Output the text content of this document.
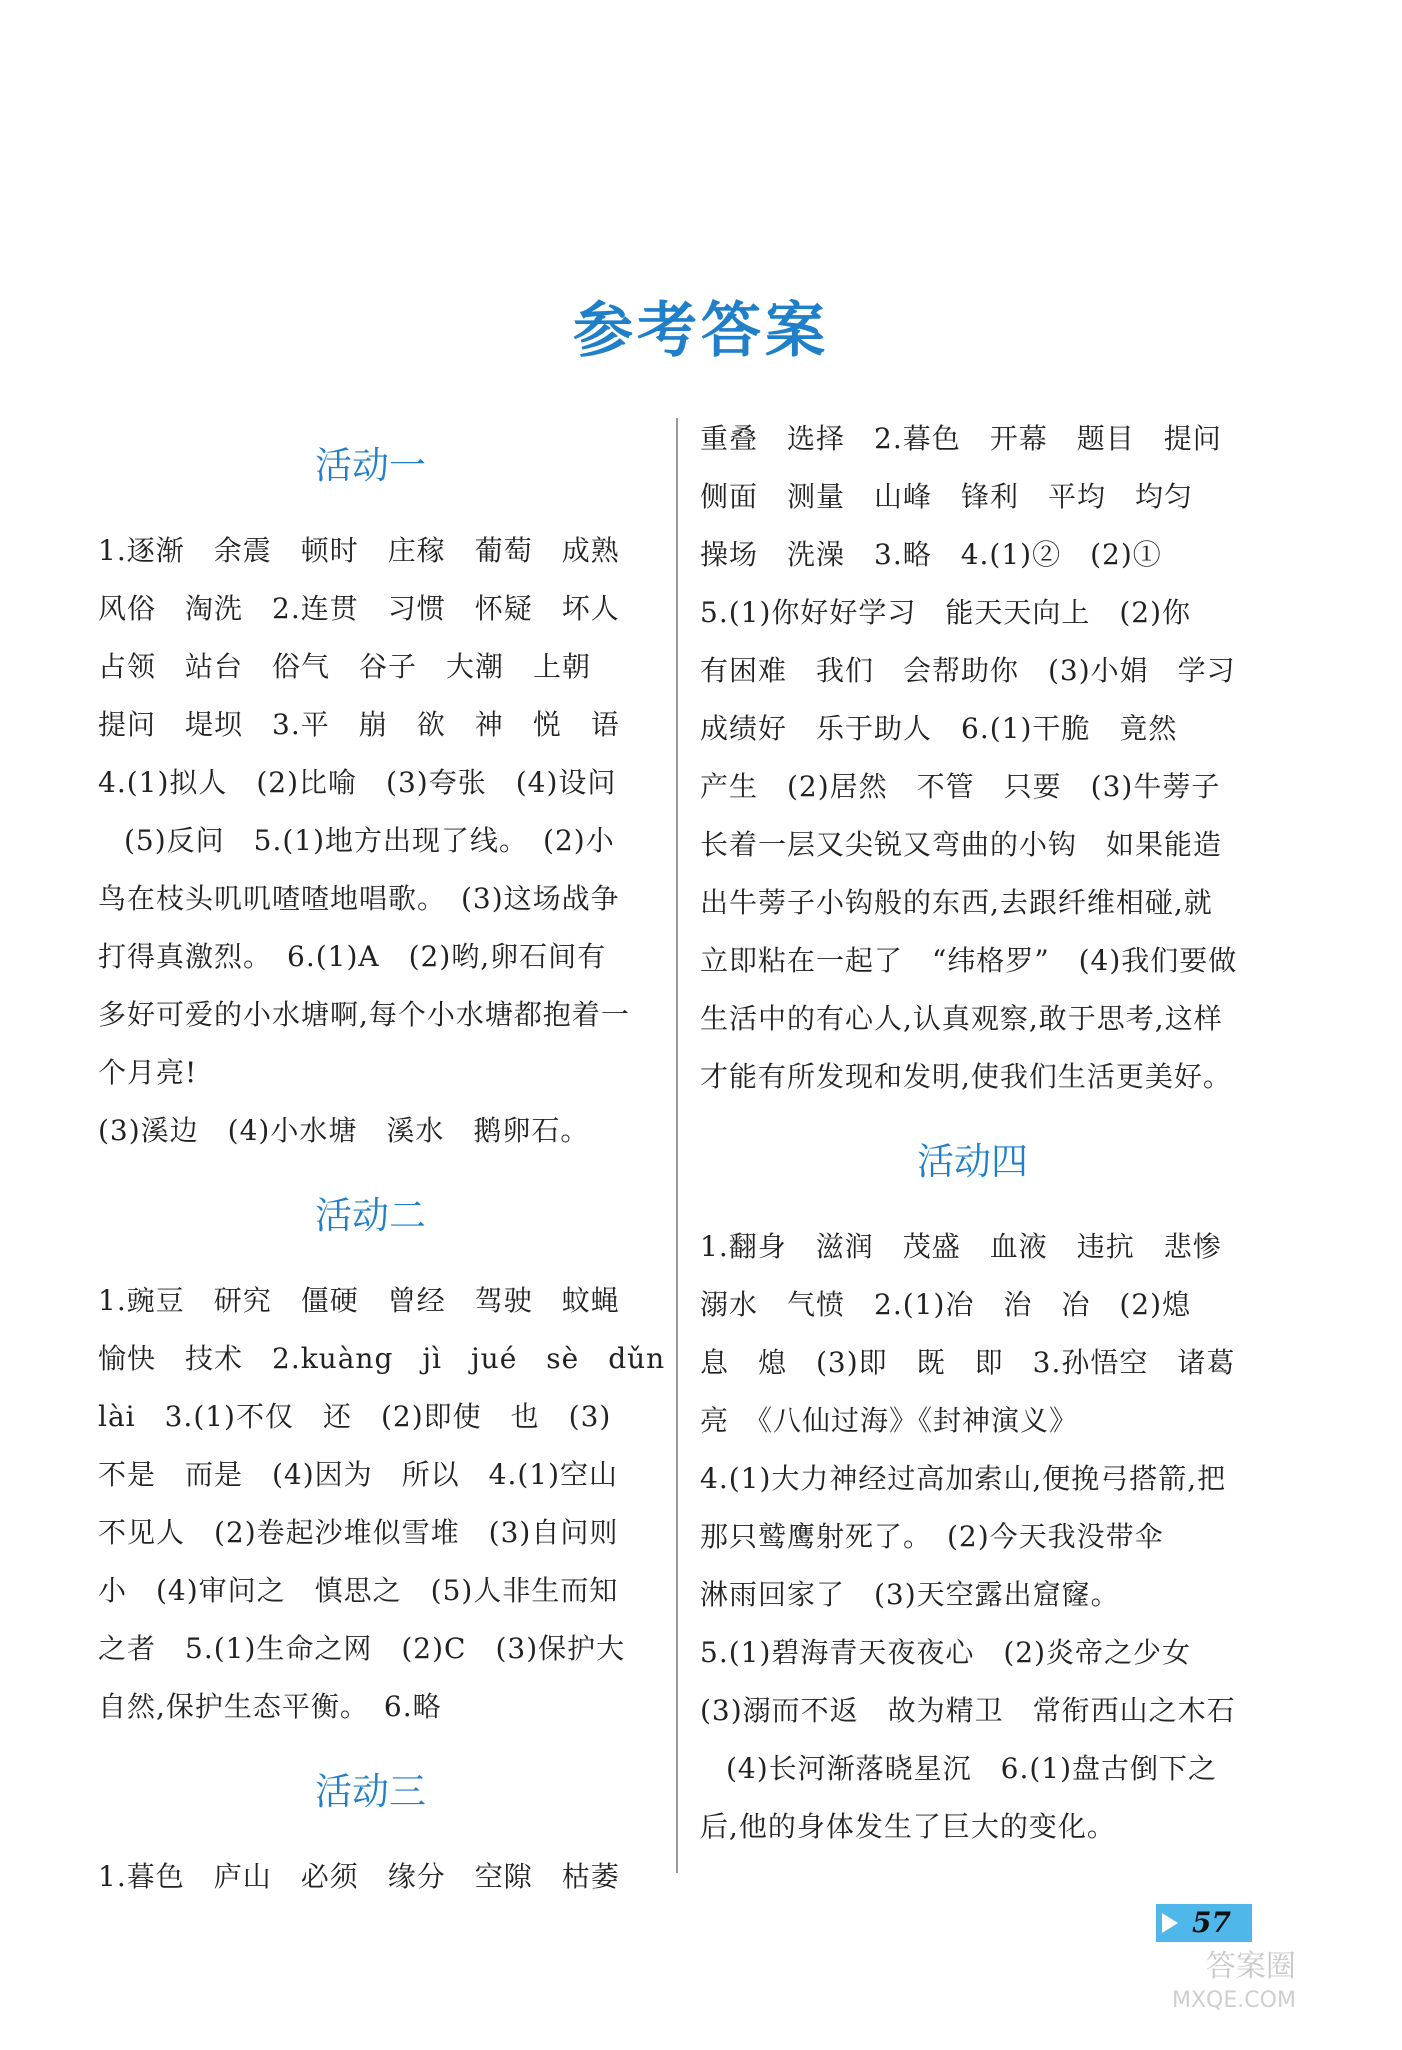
参考答案
活动一
1.逐渐　余震　顿时　庄稼　葡萄　成熟
风俗　淘洗　2.连贯　习惯　怀疑　坏人
占领　站台　俗气　谷子　大潮　上朝
提问　堤坝　3.平　崩　欲　神　悦　语
4.(1)拟人　(2)比喻　(3)夸张　(4)设问
(5)反问　5.(1)地方出现了线。　(2)小
鸟在枝头叽叽喳喳地唱歌。　(3)这场战争
打得真激烈。　6.(1)A　(2)哟,卵石间有
多好可爱的小水塘啊,每个小水塘都抱着一
个月亮!
(3)溪边　(4)小水塘　溪水　鹅卵石。
活动二
1.豌豆　研究　僵硬　曾经　驾驶　蚊蝇
愉快　技术　2.kuàng　jì　jué　sè　dǔn
lài　3.(1)不仅　还　(2)即使　也　(3)
不是　而是　(4)因为　所以　4.(1)空山
不见人　(2)卷起沙堆似雪堆　(3)自问则
小　(4)审问之　慎思之　(5)人非生而知
之者　5.(1)生命之网　(2)C　(3)保护大
自然,保护生态平衡。　6.略
活动三
1.暮色　庐山　必须　缘分　空隙　枯萎
重叠　选择　2.暮色　开幕　题目　提问
侧面　测量　山峰　锋利　平均　均匀
操场　洗澡　3.略　4.(1)②　(2)①
5.(1)你好好学习　能天天向上　(2)你
有困难　我们　会帮助你　(3)小娟　学习
成绩好　乐于助人　6.(1)干脆　竟然
产生　(2)居然　不管　只要　(3)牛蒡子
长着一层又尖锐又弯曲的小钩　如果能造
出牛蒡子小钩般的东西,去跟纤维相碰,就
立即粘在一起了　“纬格罗”　(4)我们要做
生活中的有心人,认真观察,敢于思考,这样
才能有所发现和发明,使我们生活更美好。
活动四
1.翻身　滋润　茂盛　血液　违抗　悲惨
溺水　气愤　2.(1)冶　治　冶　(2)熄
息　熄　(3)即　既　即　3.孙悟空　诸葛
亮　《八仙过海》《封神演义》
4.(1)大力神经过高加索山,便挽弓搭箭,把
那只鹫鹰射死了。　(2)今天我没带伞
淋雨回家了　(3)天空露出窟窿。
5.(1)碧海青天夜夜心　(2)炎帝之少女
(3)溺而不返　故为精卫　常衔西山之木石
(4)长河渐落晓星沉　6.(1)盘古倒下之
后,他的身体发生了巨大的变化。
57
答案圈
MXQE.COM
